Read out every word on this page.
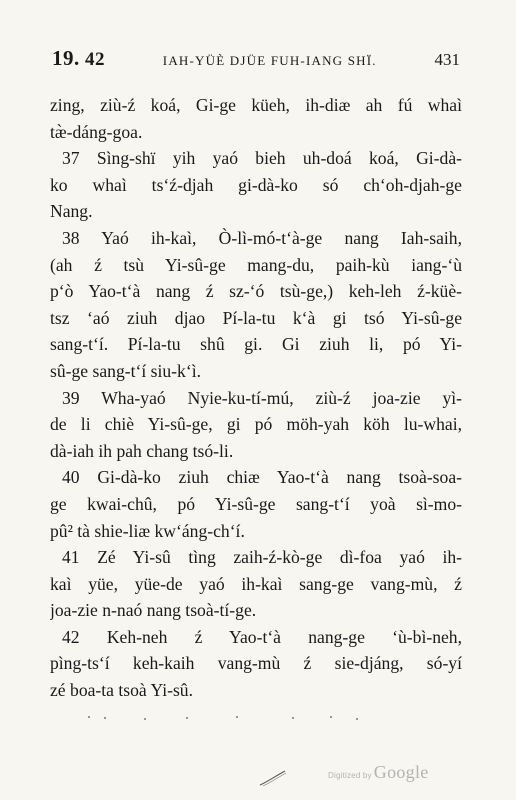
19. 42	IAH-YÜÈ DJÜE FUH-IANG SHÏ.	431
zing, ziù-ź koá, Gi-ge küeh, ih-diæ ah fú whaì
tæ̀-dáng-goa.
37 Sìng-shï yih yaó bieh uh-doá koá, Gi-dà-
ko whaì ts‘ź-djah gi-dà-ko só ch‘oh-djah-ge
Nang.
38 Yaó ih-kaì, Ò-lì-mó-t‘à-ge nang Iah-saih,
(ah ź tsù Yi-sû-ge mang-du, paih-kù iang-‘ù
p‘ò Yao-t‘à nang ź sz-‘ó tsù-ge,) keh-leh ź-küè-
tsz ‘aó ziuh djao Pí-la-tu k‘à gi tsó Yi-sû-ge
sang-t‘í. Pí-la-tu shû gi. Gi ziuh li, pó Yi-
sû-ge sang-t‘í siu-k‘ì.
39 Wha-yaó Nyie-ku-tí-mú, ziù-ź joa-zie yì-
de li chiè Yi-sû-ge, gi pó möh-yah köh lu-whai,
dà-iah ih pah chang tsó-li.
40 Gi-dà-ko ziuh chiæ Yao-t‘à nang tsoà-soa-
ge kwai-chû, pó Yi-sû-ge sang-t‘í yoà sì-mo-
pû² tà shie-liæ kw‘áng-ch‘í.
41 Zé Yi-sû tìng zaih-ź-kò-ge dì-foa yaó ih-
kaì yüe, yüe-de yaó ih-kaì sang-ge vang-mù, ź
joa-zie n-naó nang tsoà-tí-ge.
42 Keh-neh ź Yao-t‘à nang-ge ‘ù-bì-neh,
pìng-ts‘í keh-kaih vang-mù ź sie-djáng, só-yí
zé boa-ta tsoà Yi-sû.
Digitized by Google
